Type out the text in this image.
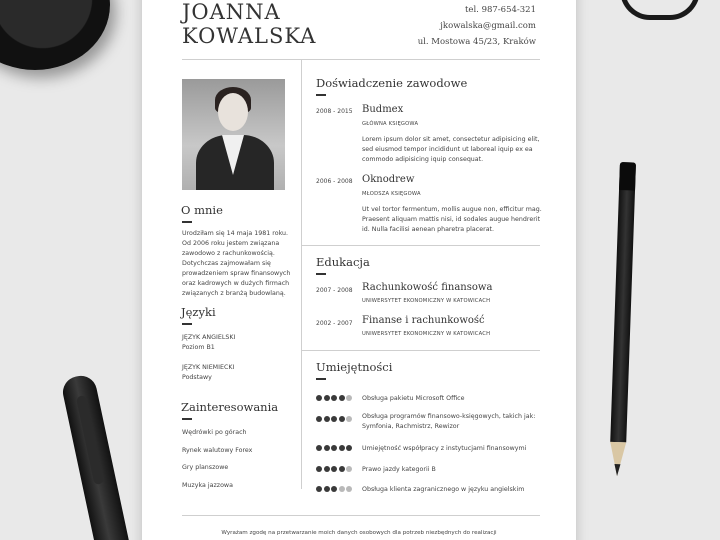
JOANNA
KOWALSKA
tel. 987-654-321
jkowalska@gmail.com
ul. Mostowa 45/23, Kraków
O mnie
Urodziłam się 14 maja 1981 roku.
Od 2006 roku jestem związana
zawodowo z rachunkowością.
Dotychczas zajmowałam się
prowadzeniem spraw finansowych
oraz kadrowych w dużych firmach
związanych z branżą budowlaną.
Języki
JĘZYK ANGIELSKI
Poziom B1
JĘZYK NIEMIECKI
Podstawy
Zainteresowania
Wędrówki po górach
Rynek walutowy Forex
Gry planszowe
Muzyka jazzowa
Doświadczenie zawodowe
2008 - 2015 Budmex
GŁÓWNA KSIĘGOWA
Lorem ipsum dolor sit amet, consectetur adipisicing elit,
sed eiusmod tempor incididunt ut laboreal iquip ex ea
commodo adipisicing iquip consequat.
2006 - 2008 Oknodrew
MŁODSZA KSIĘGOWA
Ut vel tortor fermentum, mollis augue non, efficitur mag.
Praesent aliquam mattis nisi, id sodales augue hendrerit
id. Nulla facilisi aenean pharetra placerat.
Edukacja
2007 - 2008 Rachunkowość finansowa
UNIWERSYTET EKONOMICZNY W KATOWICACH
2002 - 2007 Finanse i rachunkowość
UNIWERSYTET EKONOMICZNY W KATOWICACH
Umiejętności
Obsługa pakietu Microsoft Office
Obsługa programów finansowo-księgowych, takich jak:
Symfonia, Rachmistrz, Rewizor
Umiejętność współpracy z instytucjami finansowymi
Prawo jazdy kategorii B
Obsługa klienta zagranicznego w języku angielskim
Wyrażam zgodę na przetwarzanie moich danych osobowych dla potrzeb niezbędnych do realizacji
